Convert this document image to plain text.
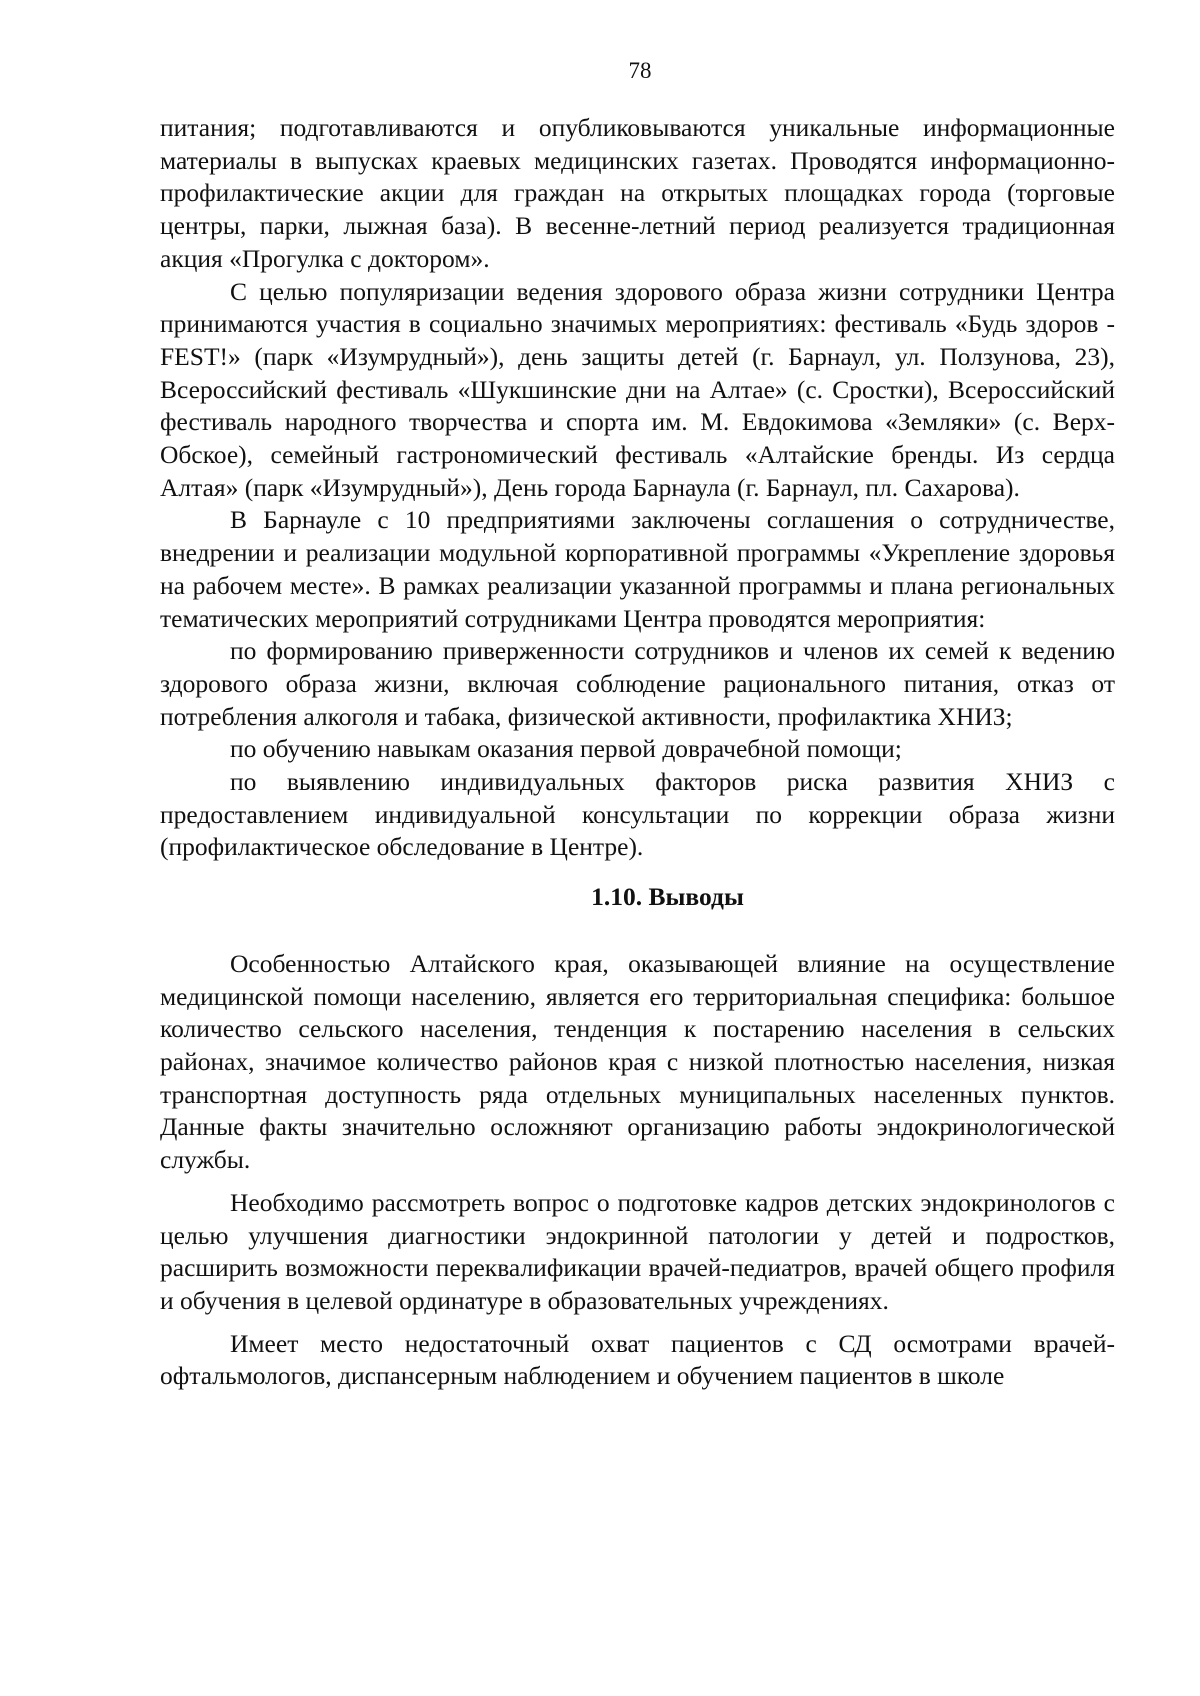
78

питания; подготавливаются и опубликовываются уникальные информационные материалы в выпусках краевых медицинских газетах. Проводятся информационно-профилактические акции для граждан на открытых площадках города (торговые центры, парки, лыжная база). В весенне-летний период реализуется традиционная акция «Прогулка с доктором».

С целью популяризации ведения здорового образа жизни сотрудники Центра принимаются участия в социально значимых мероприятиях: фестиваль «Будь здоров - FEST!» (парк «Изумрудный»), день защиты детей (г. Барнаул, ул. Ползунова, 23), Всероссийский фестиваль «Шукшинские дни на Алтае» (с. Сростки), Всероссийский фестиваль народного творчества и спорта им. М. Евдокимова «Земляки» (с. Верх-Обское), семейный гастрономический фестиваль «Алтайские бренды. Из сердца Алтая» (парк «Изумрудный»), День города Барнаула (г. Барнаул, пл. Сахарова).

В Барнауле с 10 предприятиями заключены соглашения о сотрудничестве, внедрении и реализации модульной корпоративной программы «Укрепление здоровья на рабочем месте». В рамках реализации указанной программы и плана региональных тематических мероприятий сотрудниками Центра проводятся мероприятия:

по формированию приверженности сотрудников и членов их семей к ведению здорового образа жизни, включая соблюдение рационального питания, отказ от потребления алкоголя и табака, физической активности, профилактика ХНИЗ;

по обучению навыкам оказания первой доврачебной помощи;

по выявлению индивидуальных факторов риска развития ХНИЗ с предоставлением индивидуальной консультации по коррекции образа жизни (профилактическое обследование в Центре).

1.10. Выводы

Особенностью Алтайского края, оказывающей влияние на осуществление медицинской помощи населению, является его территориальная специфика: большое количество сельского населения, тенденция к постарению населения в сельских районах, значимое количество районов края с низкой плотностью населения, низкая транспортная доступность ряда отдельных муниципальных населенных пунктов. Данные факты значительно осложняют организацию работы эндокринологической службы.

Необходимо рассмотреть вопрос о подготовке кадров детских эндокринологов с целью улучшения диагностики эндокринной патологии у детей и подростков, расширить возможности переквалификации врачей-педиатров, врачей общего профиля и обучения в целевой ординатуре в образовательных учреждениях.

Имеет место недостаточный охват пациентов с СД осмотрами врачей-офтальмологов, диспансерным наблюдением и обучением пациентов в школе
